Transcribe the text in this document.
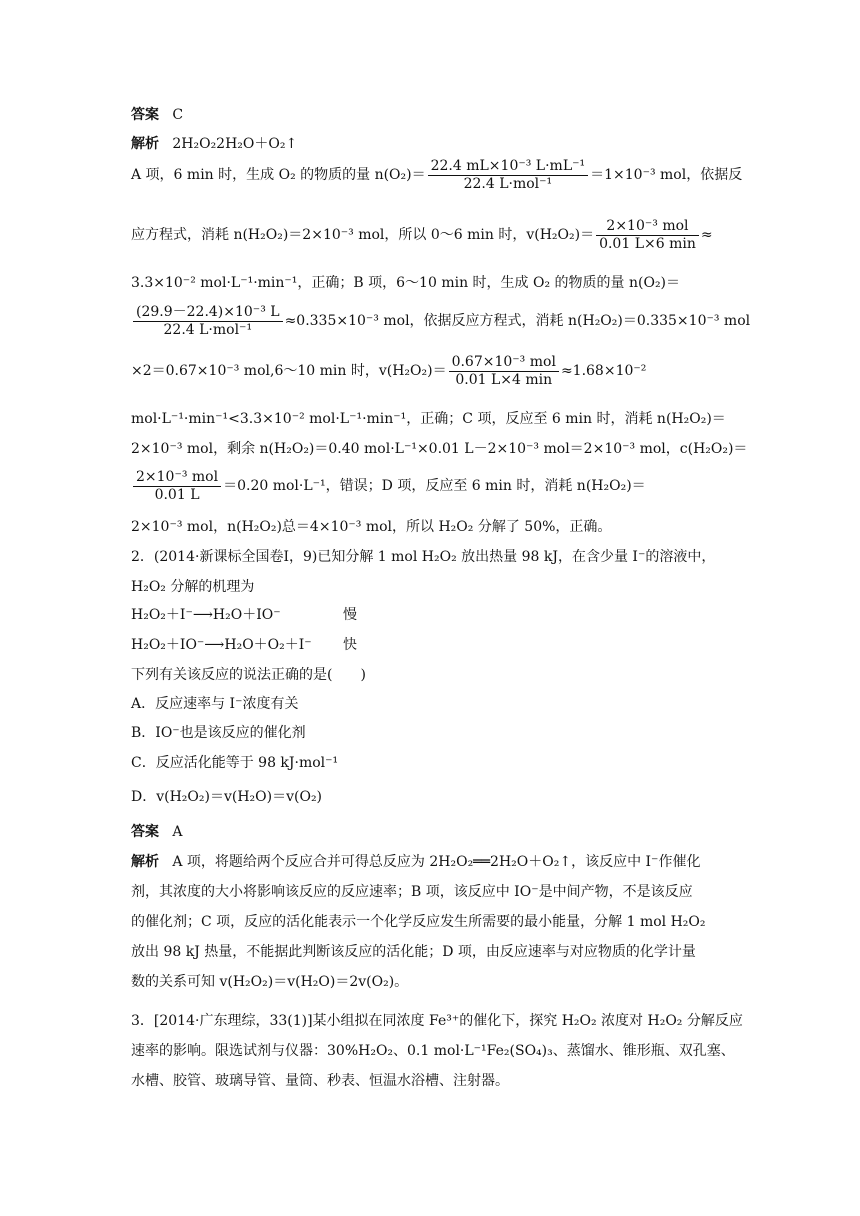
答案 C
解析 2H₂O₂2H₂O＋O₂↑
A 项，6 min 时，生成 O₂ 的物质的量 $n(O_2)= \frac{\text{22.4 mL×10⁻³ L·mL⁻¹}}{\text{22.4 L·mol⁻¹}} =1\times 10^{-3}$ mol，依据反
应方程式，消耗 n(H₂O₂)＝2×10⁻³ mol，所以 0～6 min 时，$v(H_2O_2)= \frac{\text{2×10⁻³ mol}}{0.01 L\times 6 \min}$ ≈
3.3×10⁻² mol·L⁻¹·min⁻¹，正确；B 项，6～10 min 时，生成 O₂ 的物质的量 n(O₂)＝
$\frac{\text{(29.9－22.4)×10⁻³ L}}{\text{22.4 L·mol⁻¹}} \approx 0.335\times 10^{-3}$ mol，依据反应方程式，消耗 n(H₂O₂)＝0.335×10⁻³ mol
×2＝0.67×10⁻³ mol,6～10 min 时，$v(H_2O_2)= \frac{\text{0.67×10⁻³ mol}}{0.01 L\times 4 \min} \approx 1.68\times 10^{-2}$
mol·L⁻¹·min⁻¹<3.3×10⁻² mol·L⁻¹·min⁻¹，正确；C 项，反应至 6 min 时，消耗 n(H₂O₂)＝
2×10⁻³ mol，剩余 n(H₂O₂)＝0.40 mol·L⁻¹×0.01 L－2×10⁻³ mol＝2×10⁻³ mol，c(H₂O₂)＝
$\frac{\text{2×10⁻³ mol}}{0.01 L} =0.20$ mol·L⁻¹，错误；D 项，反应至 6 min 时，消耗 n(H₂O₂)＝
2×10⁻³ mol，n(H₂O₂)总＝4×10⁻³ mol，所以 H₂O₂ 分解了 50%，正确。
2．(2014·新课标全国卷Ⅰ，9)已知分解 1 mol H₂O₂ 放出热量 98 kJ，在含少量 I⁻的溶液中，
H₂O₂ 分解的机理为
H₂O₂＋I⁻⟶H₂O＋IO⁻	慢
H₂O₂＋IO⁻⟶H₂O＋O₂＋I⁻ 快
下列有关该反应的说法正确的是(　　)
A．反应速率与 I⁻浓度有关
B．IO⁻也是该反应的催化剂
C．反应活化能等于 98 kJ·mol⁻¹
D．v(H₂O₂)＝v(H₂O)＝v(O₂)
答案 A
解析 A 项，将题给两个反应合并可得总反应为 2H₂O₂══2H₂O＋O₂↑，该反应中 I⁻作催化
剂，其浓度的大小将影响该反应的反应速率；B 项，该反应中 IO⁻是中间产物，不是该反应
的催化剂；C 项，反应的活化能表示一个化学反应发生所需要的最小能量，分解 1 mol H₂O₂
放出 98 kJ 热量，不能据此判断该反应的活化能；D 项，由反应速率与对应物质的化学计量
数的关系可知 v(H₂O₂)＝v(H₂O)＝2v(O₂)。
3．[2014·广东理综，33(1)]某小组拟在同浓度 Fe³⁺的催化下，探究 H₂O₂ 浓度对 H₂O₂ 分解反应
速率的影响。限选试剂与仪器：30%H₂O₂、0.1 mol·L⁻¹Fe₂(SO₄)₃、蒸馏水、锥形瓶、双孔塞、
水槽、胶管、玻璃导管、量筒、秒表、恒温水浴槽、注射器。
